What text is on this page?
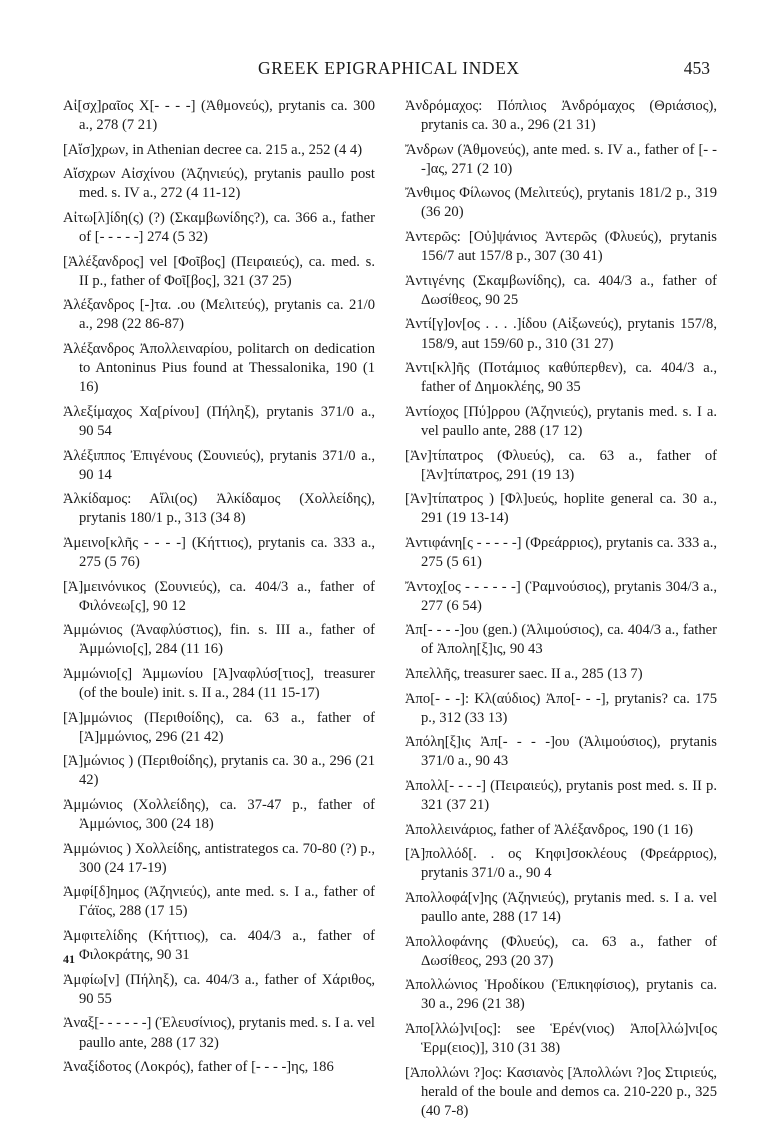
GREEK EPIGRAPHICAL INDEX	453

Αἰ[σχ]ραῖος Χ[- - - -] (Ἀθμονεύς), prytanis ca. 300 a., 278 (7 21)

[Αἴσ]χρων, in Athenian decree ca. 215 a., 252 (4 4)

Αἴσχρων Αἰσχίνου (Ἀζηνιεύς), prytanis paullo post med. s. IV a., 272 (4 11-12)

Αἰτω[λ]ίδη(ς) (?) (Σκαμβωνίδης?), ca. 366 a., father of [- - - - -] 274 (5 32)

[Ἀλέξανδρος] vel [Φοῖβος] (Πειραιεύς), ca. med. s. II p., father of Φοῖ[βος], 321 (37 25)

Ἀλέξανδρος [-]τα. .ου (Μελιτεύς), prytanis ca. 21/0 a., 298 (22 86-87)

Ἀλέξανδρος Ἀπολλειναρίου, politarch on dedication to Antoninus Pius found at Thessalonika, 190 (1 16)

Ἀλεξίμαχος Χα[ρίνου] (Πήληξ), prytanis 371/0 a., 90 54

Ἀλέξιππος Ἐπιγένους (Σουνιεύς), prytanis 371/0 a., 90 14

Ἀλκίδαμος: Αἴλι(ος) Ἀλκίδαμος (Χολλείδης), prytanis 180/1 p., 313 (34 8)

Ἀμεινο[κλῆς - - - -] (Κήττιος), prytanis ca. 333 a., 275 (5 76)

[Ἀ]μεινόνικος (Σουνιεύς), ca. 404/3 a., father of Φιλόνεω[ς], 90 12

Ἀμμώνιος (Ἀναφλύστιος), fin. s. III a., father of Ἀμμώνιο[ς], 284 (11 16)

Ἀμμώνιο[ς] Ἀμμωνίου [Ἀ]ναφλύσ[τιος], treasurer (of the boule) init. s. II a., 284 (11 15-17)

[Ἀ]μμώνιος (Περιθοίδης), ca. 63 a., father of [Ἀ]μμώνιος, 296 (21 42)

[Ἀ]μώνιος ) (Περιθοίδης), prytanis ca. 30 a., 296 (21 42)

Ἀμμώνιος (Χολλείδης), ca. 37-47 p., father of Ἀμμώνιος, 300 (24 18)

Ἀμμώνιος ) Χολλείδης, antistrategos ca. 70-80 (?) p., 300 (24 17-19)

Ἀμφί[δ]ημος (Ἀζηνιεύς), ante med. s. I a., father of Γάϊος, 288 (17 15)

Ἀμφιτελίδης (Κήττιος), ca. 404/3 a., father of Φιλοκράτης, 90 31

Ἀμφίω[ν] (Πήληξ), ca. 404/3 a., father of Χάριθος, 90 55

Ἀναξ[- - - - - -] (Ἐλευσίνιος), prytanis med. s. I a. vel paullo ante, 288 (17 32)

Ἀναξίδοτος (Λοκρός), father of [- - - -]ης, 186

Ἀνδρόμαχος: Πόπλιος Ἀνδρόμαχος (Θριάσιος), prytanis ca. 30 a., 296 (21 31)

Ἄνδρων (Ἀθμονεύς), ante med. s. IV a., father of [- - -]ας, 271 (2 10)

Ἄνθιμος Φίλωνος (Μελιτεύς), prytanis 181/2 p., 319 (36 20)

Ἀντερῶς: [Οὐ]ψάνιος Ἀντερῶς (Φλυεύς), prytanis 156/7 aut 157/8 p., 307 (30 41)

Ἀντιγένης (Σκαμβωνίδης), ca. 404/3 a., father of Δωσίθεος, 90 25

Ἀντί[γ]ον[ος . . . .]ίδου (Αἰξωνεύς), prytanis 157/8, 158/9, aut 159/60 p., 310 (31 27)

Ἀντι[κλ]ῆς (Ποτάμιος καθύπερθεν), ca. 404/3 a., father of Δημοκλέης, 90 35

Ἀντίοχος [Πύ]ρρου (Ἀζηνιεύς), prytanis med. s. I a. vel paullo ante, 288 (17 12)

[Ἀν]τίπατρος (Φλυεύς), ca. 63 a., father of [Ἀν]τίπατρος, 291 (19 13)

[Ἀν]τίπατρος ) [Φλ]υεύς, hoplite general ca. 30 a., 291 (19 13-14)

Ἀντιφάνη[ς - - - - -] (Φρεάρριος), prytanis ca. 333 a., 275 (5 61)

Ἄντοχ[ος - - - - - -] (Ῥαμνούσιος), prytanis 304/3 a., 277 (6 54)

Ἀπ[- - - -]ου (gen.) (Ἁλιμούσιος), ca. 404/3 a., father of Ἀπολη[ξ]ις, 90 43

Ἀπελλῆς, treasurer saec. II a., 285 (13 7)

Ἀπο[- - -]: Κλ(αύδιος) Ἀπο[- - -], prytanis? ca. 175 p., 312 (33 13)

Ἀπόλη[ξ]ις Ἀπ[- - - -]ου (Ἁλιμούσιος), prytanis 371/0 a., 90 43

Ἀπολλ[- - - -] (Πειραιεύς), prytanis post med. s. II p. 321 (37 21)

Ἀπολλεινάριος, father of Ἀλέξανδρος, 190 (1 16)

[Ἀ]πολλόδ[. . ος Κηφι]σοκλέους (Φρεάρριος), prytanis 371/0 a., 90 4

Ἀπολλοφά[ν]ης (Ἀζηνιεύς), prytanis med. s. I a. vel paullo ante, 288 (17 14)

Ἀπολλοφάνης (Φλυεύς), ca. 63 a., father of Δωσίθεος, 293 (20 37)

Ἀπολλώνιος Ἡροδίκου (Ἐπικηφίσιος), prytanis ca. 30 a., 296 (21 38)

Ἀπο[λλώ]νι[ος]: see Ἑρέν(νιος) Ἀπο[λλώ]νι[ος Ἑρμ(ειος)], 310 (31 38)

[Ἀπολλώνι ?]ος: Κασιανὸς [Ἀπολλώνι ?]ος Στιριεύς, herald of the boule and demos ca. 210-220 p., 325 (40 7-8)

41
